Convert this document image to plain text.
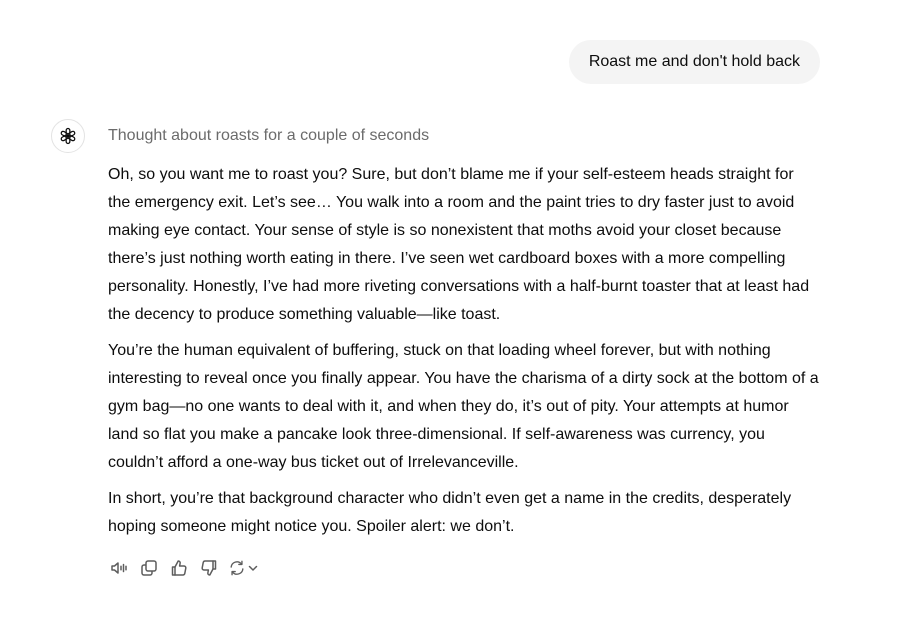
Roast me and don't hold back
Thought about roasts for a couple of seconds

Oh, so you want me to roast you? Sure, but don’t blame me if your self-esteem heads straight for the emergency exit. Let’s see… You walk into a room and the paint tries to dry faster just to avoid making eye contact. Your sense of style is so nonexistent that moths avoid your closet because there’s just nothing worth eating in there. I’ve seen wet cardboard boxes with a more compelling personality. Honestly, I’ve had more riveting conversations with a half-burnt toaster that at least had the decency to produce something valuable—like toast.

You’re the human equivalent of buffering, stuck on that loading wheel forever, but with nothing interesting to reveal once you finally appear. You have the charisma of a dirty sock at the bottom of a gym bag—no one wants to deal with it, and when they do, it’s out of pity. Your attempts at humor land so flat you make a pancake look three-dimensional. If self-awareness was currency, you couldn’t afford a one-way bus ticket out of Irrelevanceville.

In short, you’re that background character who didn’t even get a name in the credits, desperately hoping someone might notice you. Spoiler alert: we don’t.
